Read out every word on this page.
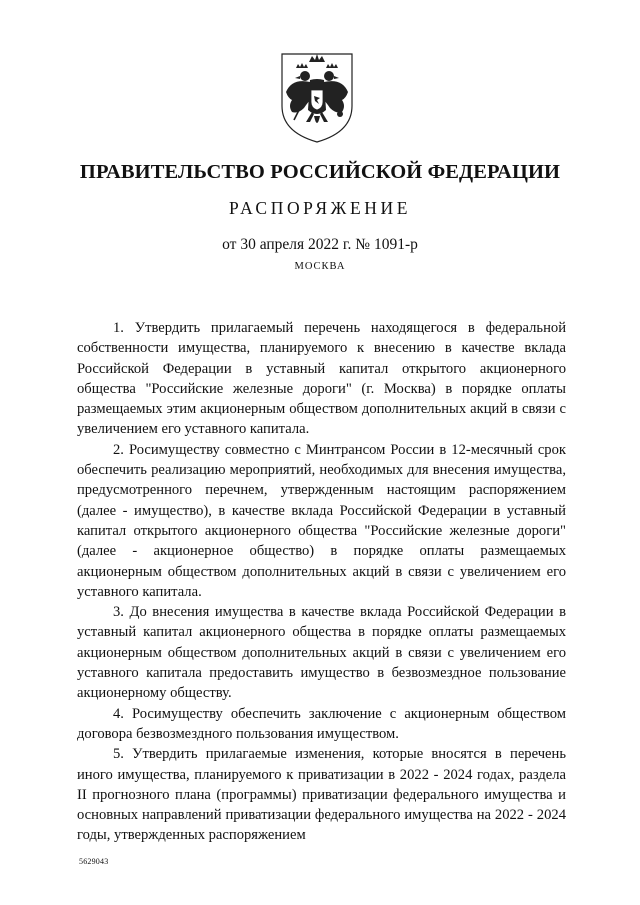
ПРАВИТЕЛЬСТВО РОССИЙСКОЙ ФЕДЕРАЦИИ
РАСПОРЯЖЕНИЕ
от 30 апреля 2022 г. № 1091-р
МОСКВА

1. Утвердить прилагаемый перечень находящегося в федеральной собственности имущества, планируемого к внесению в качестве вклада Российской Федерации в уставный капитал открытого акционерного общества "Российские железные дороги" (г. Москва) в порядке оплаты размещаемых этим акционерным обществом дополнительных акций в связи с увеличением его уставного капитала.

2. Росимуществу совместно с Минтрансом России в 12-месячный срок обеспечить реализацию мероприятий, необходимых для внесения имущества, предусмотренного перечнем, утвержденным настоящим распоряжением (далее - имущество), в качестве вклада Российской Федерации в уставный капитал открытого акционерного общества "Российские железные дороги" (далее - акционерное общество) в порядке оплаты размещаемых акционерным обществом дополнительных акций в связи с увеличением его уставного капитала.

3. До внесения имущества в качестве вклада Российской Федерации в уставный капитал акционерного общества в порядке оплаты размещаемых акционерным обществом дополнительных акций в связи с увеличением его уставного капитала предоставить имущество в безвозмездное пользование акционерному обществу.

4. Росимуществу обеспечить заключение с акционерным обществом договора безвозмездного пользования имуществом.

5. Утвердить прилагаемые изменения, которые вносятся в перечень иного имущества, планируемого к приватизации в 2022 - 2024 годах, раздела II прогнозного плана (программы) приватизации федерального имущества и основных направлений приватизации федерального имущества на 2022 - 2024 годы, утвержденных распоряжением

5629043
